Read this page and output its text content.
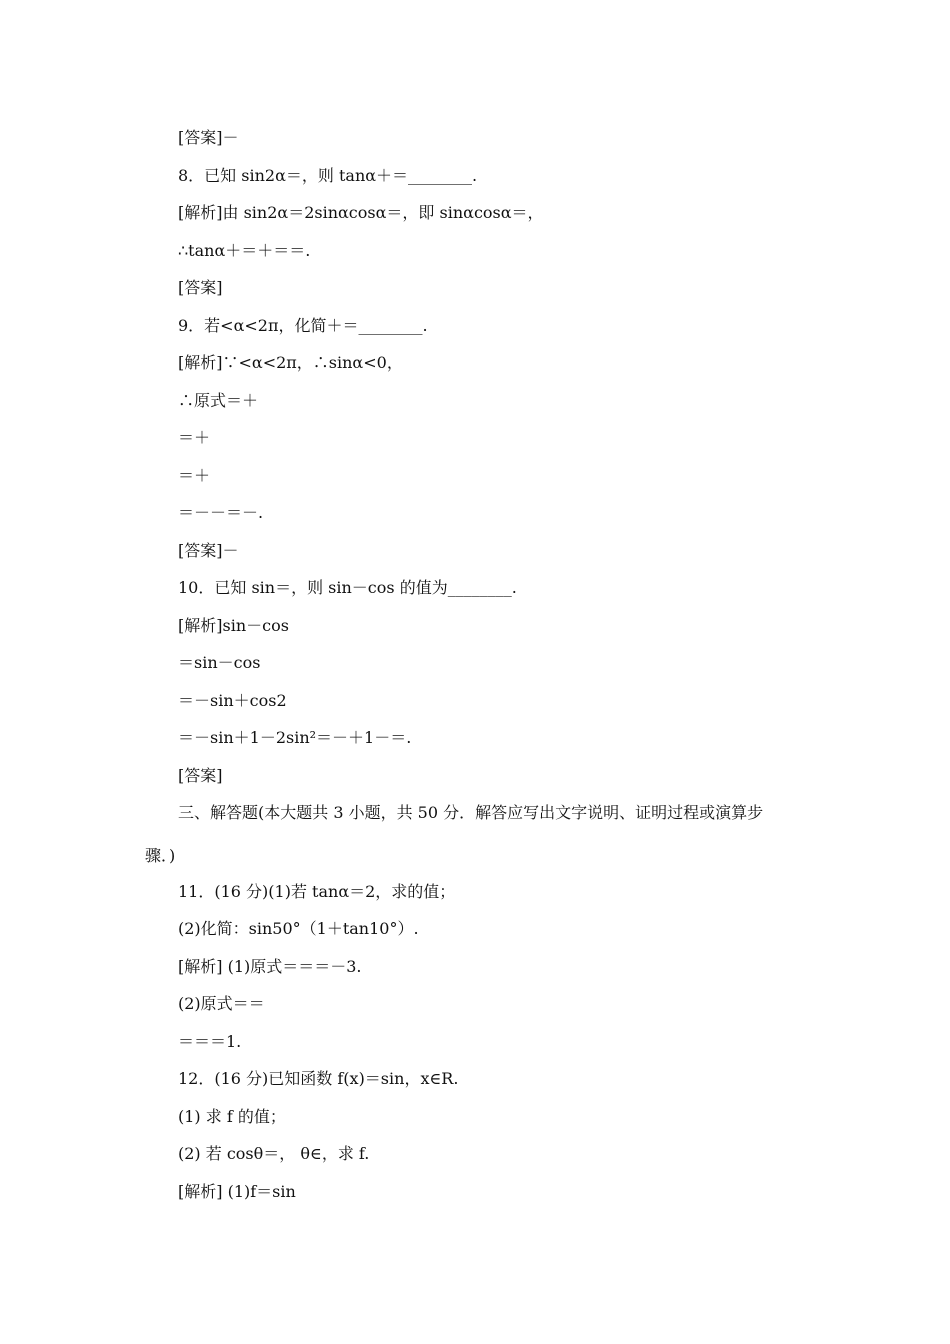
[答案]－
8．已知 sin2α＝，则 tanα＋＝________.
[解析]由 sin2α＝2sinαcosα＝，即 sinαcosα＝，
∴tanα＋＝＋＝＝.
[答案]
9．若<α<2π，化简＋＝________.
[解析]∵<α<2π，∴sinα<0，
∴原式＝＋
＝＋
＝＋
＝－－＝－.
[答案]－
10．已知 sin＝，则 sin－cos 的值为________.
[解析]sin－cos
＝sin－cos
＝－sin＋cos2
＝－sin＋1－2sin²＝－＋1－＝.
[答案]
三、解答题(本大题共 3 小题，共 50 分．解答应写出文字说明、证明过程或演算步
骤．)
11．(16 分)(1)若 tanα＝2，求的值；
(2)化简：sin50°（1＋tan10°）.
[解析] (1)原式＝＝＝－3.
(2)原式＝＝
＝＝＝1.
12．(16 分)已知函数 f(x)＝sin，x∈R.
(1) 求 f 的值；
(2) 若 cosθ＝， θ∈，求 f.
[解析] (1)f＝sin
